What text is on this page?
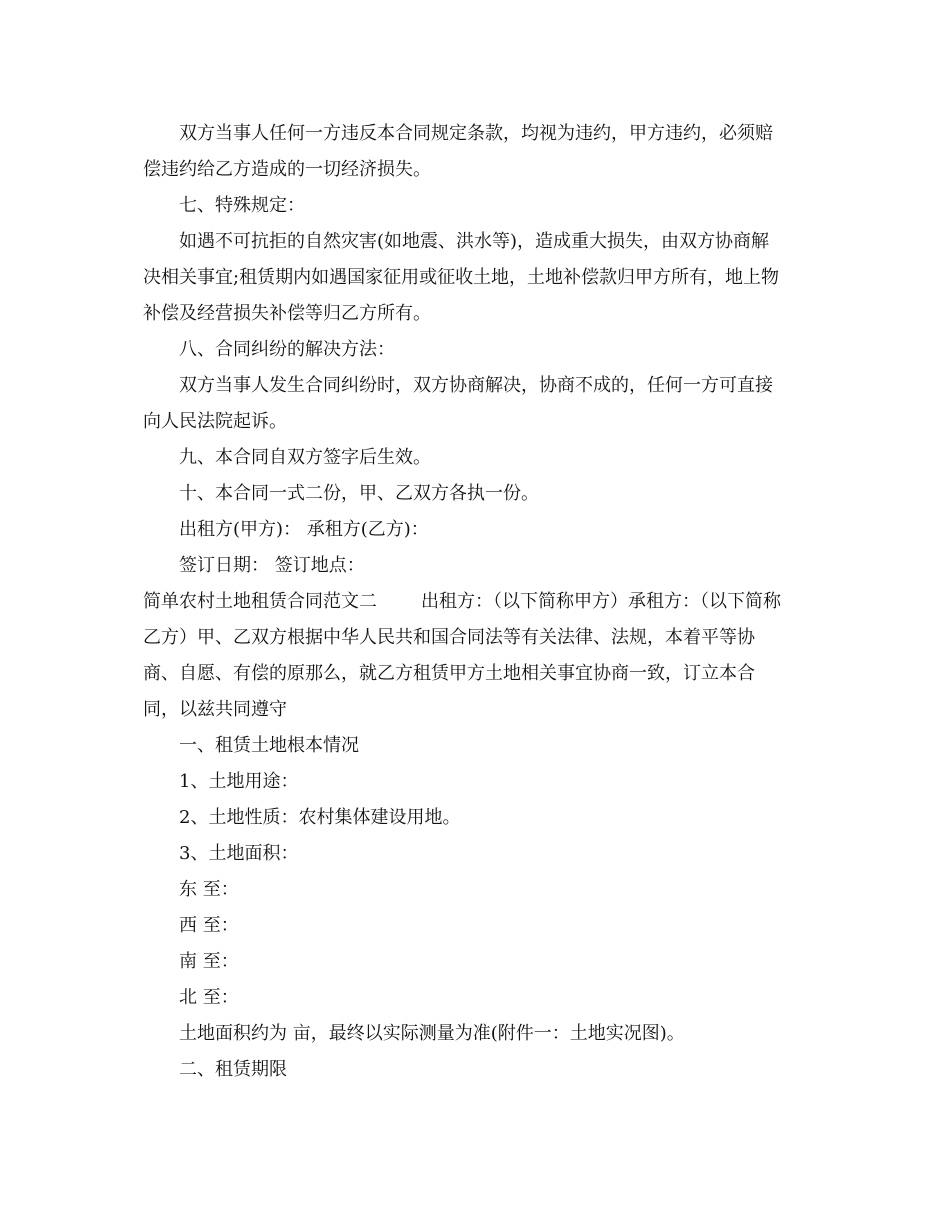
双方当事人任何一方违反本合同规定条款，均视为违约，甲方违约，必须赔
偿违约给乙方造成的一切经济损失。
七、特殊规定：
如遇不可抗拒的自然灾害(如地震、洪水等)，造成重大损失，由双方协商解
决相关事宜;租赁期内如遇国家征用或征收土地，土地补偿款归甲方所有，地上物
补偿及经营损失补偿等归乙方所有。
八、合同纠纷的解决方法：
双方当事人发生合同纠纷时，双方协商解决，协商不成的，任何一方可直接
向人民法院起诉。
九、本合同自双方签字后生效。
十、本合同一式二份，甲、乙双方各执一份。
出租方(甲方)： 承租方(乙方)：
签订日期： 签订地点：
简单农村土地租赁合同范文二 出租方：（以下简称甲方）承租方：（以下简称
乙方）甲、乙双方根据中华人民共和国合同法等有关法律、法规，本着平等协
商、自愿、有偿的原那么，就乙方租赁甲方土地相关事宜协商一致，订立本合
同，以兹共同遵守
一、租赁土地根本情况
1、土地用途：
2、土地性质：农村集体建设用地。
3、土地面积：
东 至：
西 至：
南 至：
北 至：
土地面积约为 亩，最终以实际测量为准(附件一：土地实况图)。
二、租赁期限
